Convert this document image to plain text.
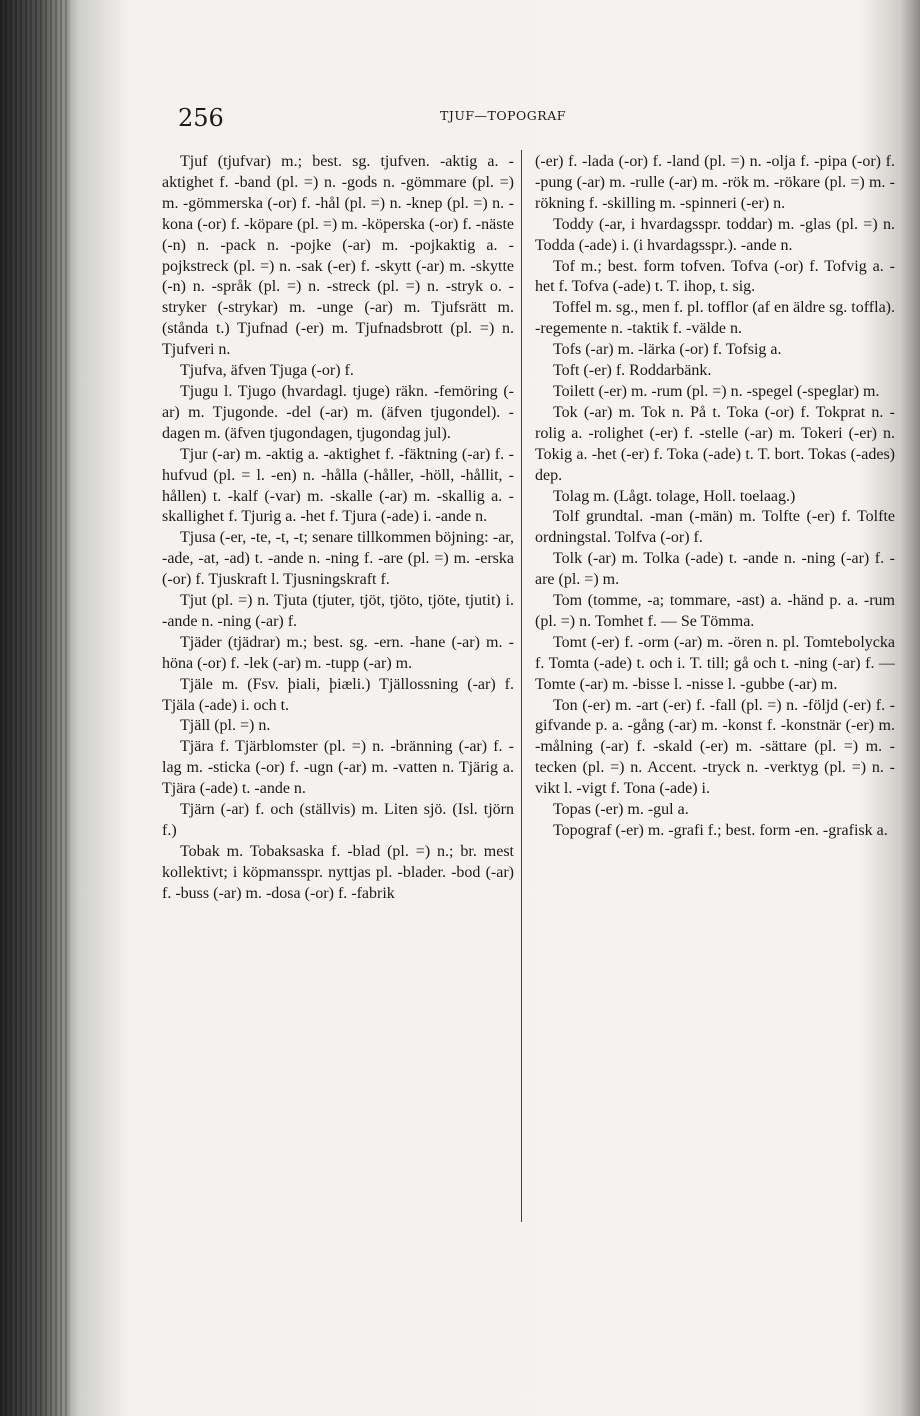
256	TJUF—TOPOGRAF

Tjuf (tjufvar) m.; best. sg. tjufven. -aktig a. -aktighet f. -band (pl. =) n. -gods n. -gömmare (pl. =) m. -gömmerska (-or) f. -hål (pl. =) n. -knep (pl. =) n. -kona (-or) f. -köpare (pl. =) m. -köperska (-or) f. -näste (-n) n. -pack n. -pojke (-ar) m. -pojkaktig a. -pojkstreck (pl. =) n. -sak (-er) f. -skytt (-ar) m. -skytte (-n) n. -språk (pl. =) n. -streck (pl. =) n. -stryk o. -stryker (-strykar) m. -unge (-ar) m. Tjufsrätt m. (stånda t.) Tjufnad (-er) m. Tjufnadsbrott (pl. =) n. Tjufveri n.

Tjufva, äfven Tjuga (-or) f.

Tjugu l. Tjugo (hvardagl. tjuge) räkn. -femöring (-ar) m. Tjugonde. -del (-ar) m. (äfven tjugondel). -dagen m. (äfven tjugondagen, tjugondag jul).

Tjur (-ar) m. -aktig a. -aktighet f. -fäktning (-ar) f. -hufvud (pl. = l. -en) n. -hålla (-håller, -höll, -hållit, -hållen) t. -kalf (-var) m. -skalle (-ar) m. -skallig a. -skallighet f. Tjurig a. -het f. Tjura (-ade) i. -ande n.

Tjusa (-er, -te, -t, -t; senare tillkommen böjning: -ar, -ade, -at, -ad) t. -ande n. -ning f. -are (pl. =) m. -erska (-or) f. Tjuskraft l. Tjusningskraft f.

Tjut (pl. =) n. Tjuta (tjuter, tjöt, tjöto, tjöte, tjutit) i. -ande n. -ning (-ar) f.

Tjäder (tjädrar) m.; best. sg. -ern. -hane (-ar) m. -höna (-or) f. -lek (-ar) m. -tupp (-ar) m.

Tjäle m. (Fsv. þiali, þiæli.) Tjällossning (-ar) f. Tjäla (-ade) i. och t.

Tjäll (pl. =) n.

Tjära f. Tjärblomster (pl. =) n. -bränning (-ar) f. -lag m. -sticka (-or) f. -ugn (-ar) m. -vatten n. Tjärig a. Tjära (-ade) t. -ande n.

Tjärn (-ar) f. och (ställvis) m. Liten sjö. (Isl. tjörn f.)

Tobak m. Tobaksaska f. -blad (pl. =) n.; br. mest kollektivt; i köpmansspr. nyttjas pl. -blader. -bod (-ar) f. -buss (-ar) m. -dosa (-or) f. -fabrik

(-er) f. -lada (-or) f. -land (pl. =) n. -olja f. -pipa (-or) f. -pung (-ar) m. -rulle (-ar) m. -rök m. -rökare (pl. =) m. -rökning f. -skilling m. -spinneri (-er) n.

Toddy (-ar, i hvardagsspr. toddar) m. -glas (pl. =) n. Todda (-ade) i. (i hvardagsspr.). -ande n.

Tof m.; best. form tofven. Tofva (-or) f. Tofvig a. -het f. Tofva (-ade) t. T. ihop, t. sig.

Toffel m. sg., men f. pl. tofflor (af en äldre sg. toffla). -regemente n. -taktik f. -välde n.

Tofs (-ar) m. -lärka (-or) f. Tofsig a.

Toft (-er) f. Roddarbänk.

Toilett (-er) m. -rum (pl. =) n. -spegel (-speglar) m.

Tok (-ar) m. Tok n. På t. Toka (-or) f. Tokprat n. -rolig a. -rolighet (-er) f. -stelle (-ar) m. Tokeri (-er) n. Tokig a. -het (-er) f. Toka (-ade) t. T. bort. Tokas (-ades) dep.

Tolag m. (Lågt. tolage, Holl. toelaag.)

Tolf grundtal. -man (-män) m. Tolfte (-er) f. Tolfte ordningstal. Tolfva (-or) f.

Tolk (-ar) m. Tolka (-ade) t. -ande n. -ning (-ar) f. -are (pl. =) m.

Tom (tomme, -a; tommare, -ast) a. -händ p. a. -rum (pl. =) n. Tomhet f. — Se Tömma.

Tomt (-er) f. -orm (-ar) m. -ören n. pl. Tomtebolycka f. Tomta (-ade) t. och i. T. till; gå och t. -ning (-ar) f. — Tomte (-ar) m. -bisse l. -nisse l. -gubbe (-ar) m.

Ton (-er) m. -art (-er) f. -fall (pl. =) n. -följd (-er) f. -gifvande p. a. -gång (-ar) m. -konst f. -konstnär (-er) m. -målning (-ar) f. -skald (-er) m. -sättare (pl. =) m. -tecken (pl. =) n. Accent. -tryck n. -verktyg (pl. =) n. -vikt l. -vigt f. Tona (-ade) i.

Topas (-er) m. -gul a.

Topograf (-er) m. -grafi f.; best. form -en. -grafisk a.
